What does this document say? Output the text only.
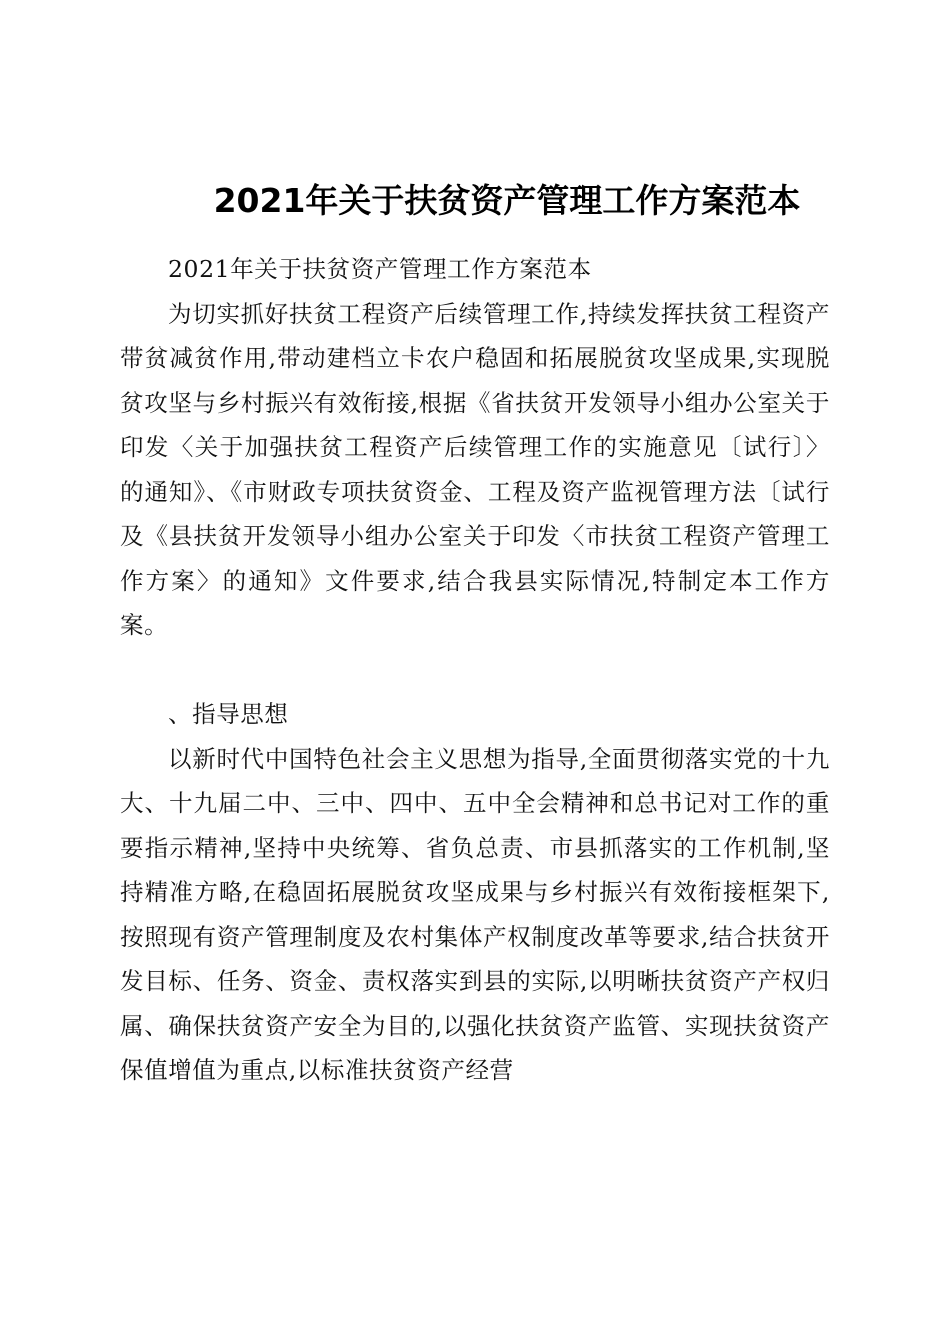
2021年关于扶贫资产管理工作方案范本

2021年关于扶贫资产管理工作方案范本

为切实抓好扶贫工程资产后续管理工作,持续发挥扶贫工程资产带贫减贫作用,带动建档立卡农户稳固和拓展脱贫攻坚成果,实现脱贫攻坚与乡村振兴有效衔接,根据《省扶贫开发领导小组办公室关于印发〈关于加强扶贫工程资产后续管理工作的实施意见〔试行〕〉的通知》、《市财政专项扶贫资金、工程及资产监视管理方法〔试行及《县扶贫开发领导小组办公室关于印发〈市扶贫工程资产管理工作方案〉的通知》文件要求,结合我县实际情况,特制定本工作方案。

、指导思想

以新时代中国特色社会主义思想为指导,全面贯彻落实党的十九大、十九届二中、三中、四中、五中全会精神和总书记对工作的重要指示精神,坚持中央统筹、省负总责、市县抓落实的工作机制,坚持精准方略,在稳固拓展脱贫攻坚成果与乡村振兴有效衔接框架下,按照现有资产管理制度及农村集体产权制度改革等要求,结合扶贫开发目标、任务、资金、责权落实到县的实际,以明晰扶贫资产产权归属、确保扶贫资产安全为目的,以强化扶贫资产监管、实现扶贫资产保值增值为重点,以标准扶贫资产经营
